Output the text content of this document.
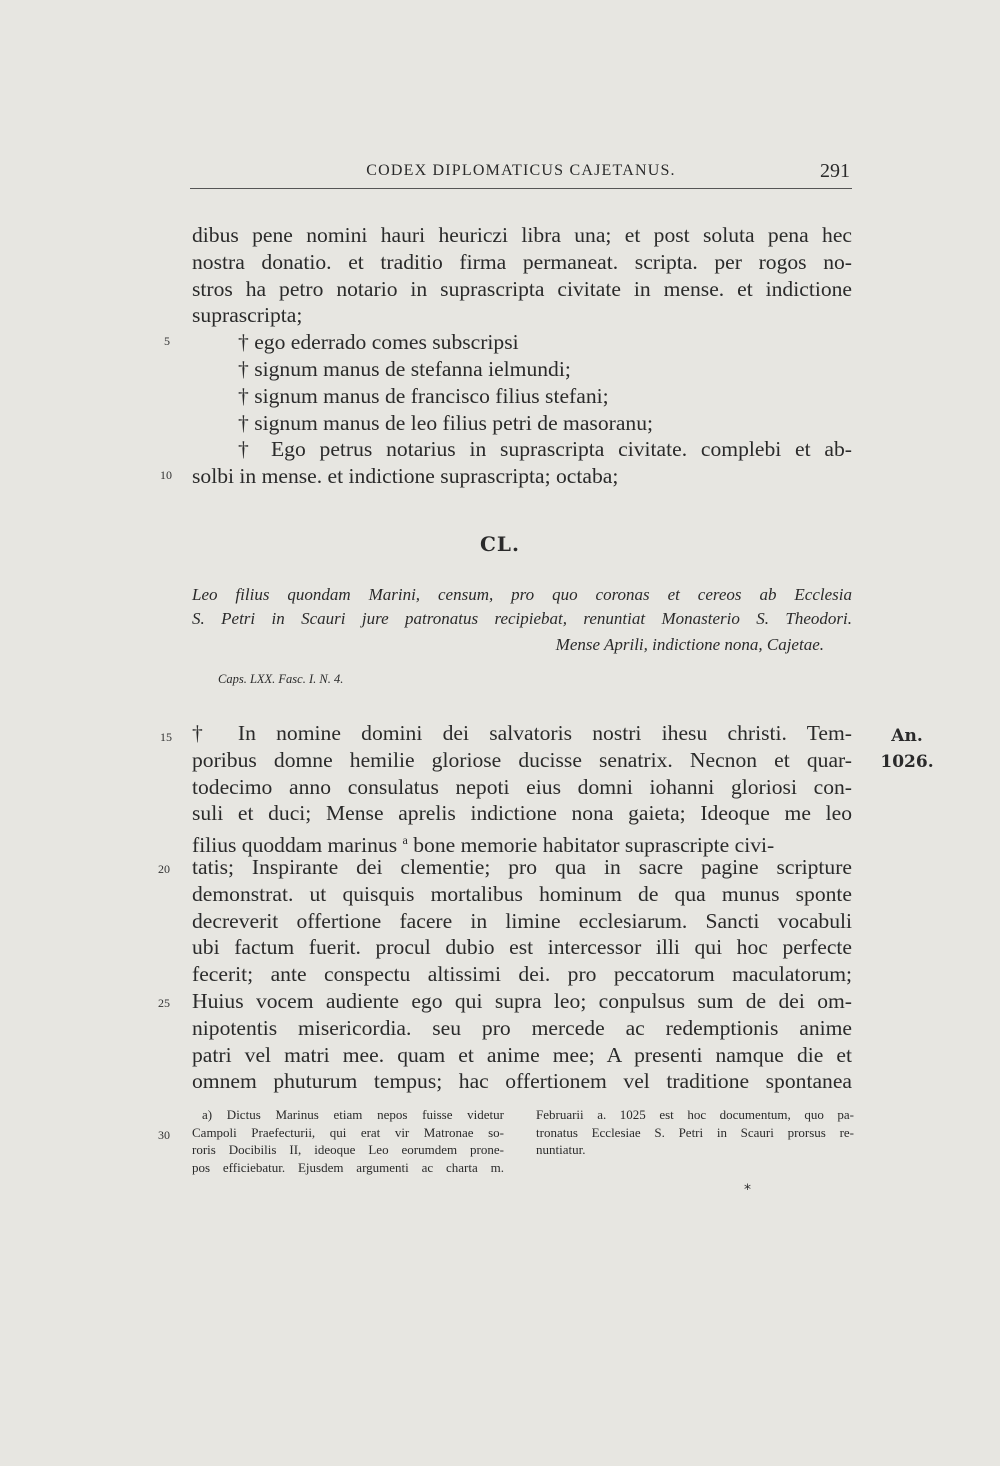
CODEX DIPLOMATICUS CAJETANUS.	291
dibus pene nomini hauri heuriczi libra una; et post soluta pena hec
nostra donatio. et traditio firma permaneat. scripta. per rogos no-
stros ha petro notario in suprascripta civitate in mense. et indictione
suprascripta;
† ego ederrado comes subscripsi
† signum manus de stefanna ielmundi;
† signum manus de francisco filius stefani;
† signum manus de leo filius petri de masoranu;
† Ego petrus notarius in suprascripta civitate. complebi et ab-
solbi in mense. et indictione suprascripta; octaba;
CL.
Leo filius quondam Marini, censum, pro quo coronas et cereos ab Ecclesia
S. Petri in Scauri jure patronatus recipiebat, renuntiat Monasterio S. Theodori.
Mense Aprili, indictione nona, Cajetae.
Caps. LXX. Fasc. I. N. 4.
† In nomine domini dei salvatoris nostri ihesu christi. Tem-
poribus domne hemilie gloriose ducisse senatrix. Necnon et quar-
todecimo anno consulatus nepoti eius domni iohanni gloriosi con-
suli et duci; Mense aprelis indictione nona gaieta; Ideoque me leo
filius quoddam marinus $^a$ bone memorie habitator suprascripte civi-
tatis; Inspirante dei clementie; pro qua in sacre pagine scripture
demonstrat. ut quisquis mortalibus hominum de qua munus sponte
decreverit offertione facere in limine ecclesiarum. Sancti vocabuli
ubi factum fuerit. procul dubio est intercessor illi qui hoc perfecte
fecerit; ante conspectu altissimi dei. pro peccatorum maculatorum;
Huius vocem audiente ego qui supra leo; conpulsus sum de dei om-
nipotentis misericordia. seu pro mercede ac redemptionis anime
patri vel matri mee. quam et anime mee; A presenti namque die et
omnem phuturum tempus; hac offertionem vel traditione spontanea
5
10
15
20
25
30
An.
1026.
a) Dictus Marinus etiam nepos fuisse videtur
Campoli Praefecturii, qui erat vir Matronae so-
roris Docibilis II, ideoque Leo eorumdem prone-
pos efficiebatur. Ejusdem argumenti ac charta m.
Februarii a. 1025 est hoc documentum, quo pa-
tronatus Ecclesiae S. Petri in Scauri prorsus re-
nuntiatur.
*
